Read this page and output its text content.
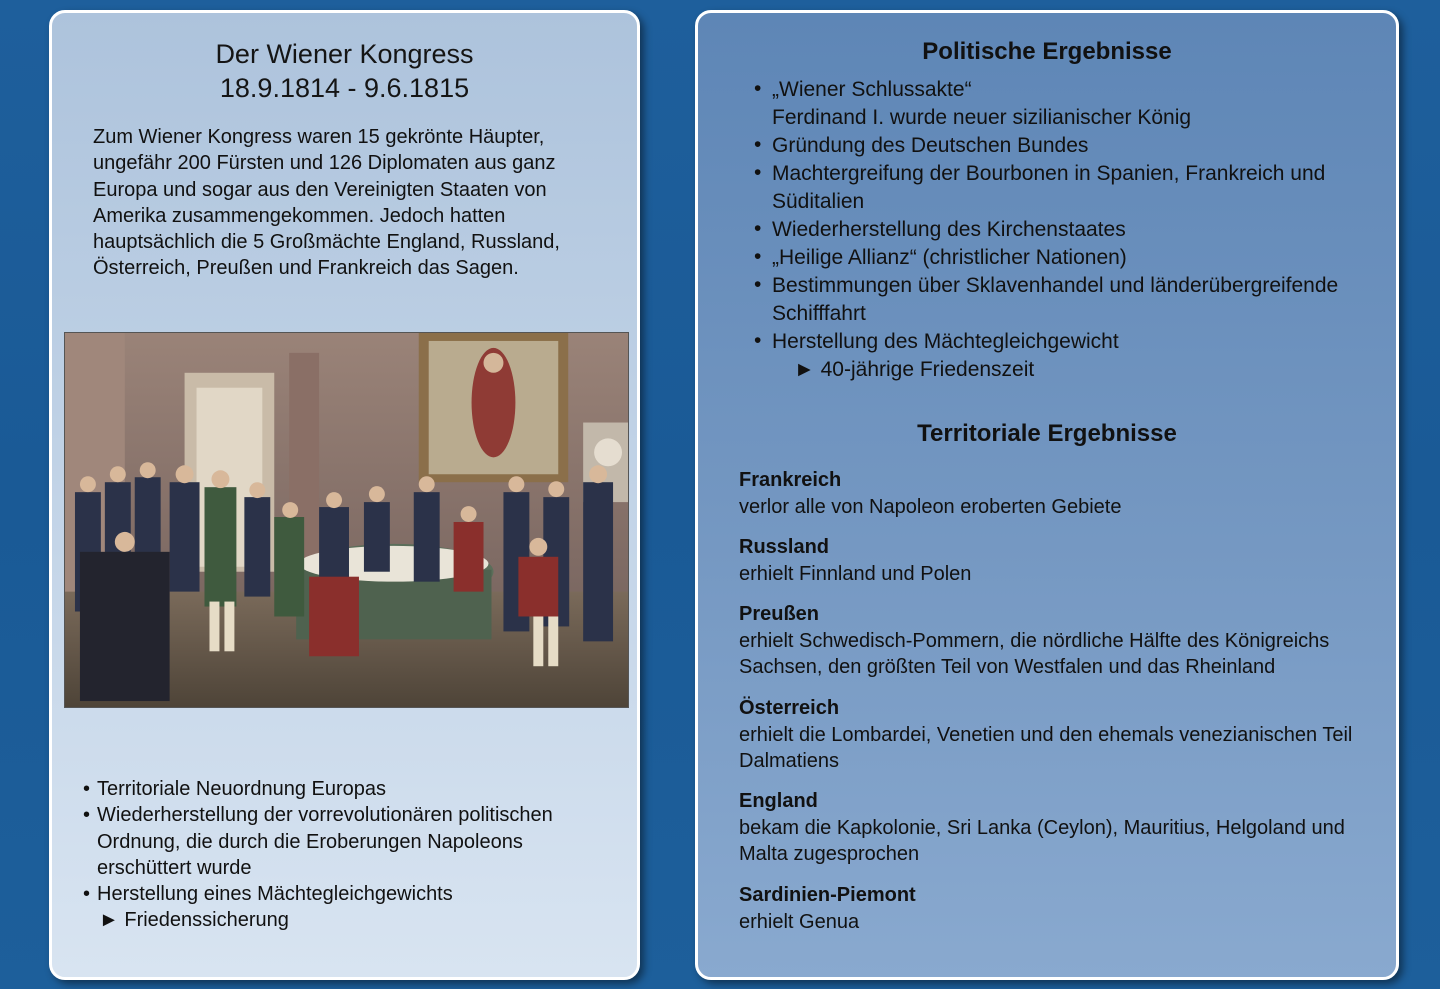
Der Wiener Kongress
18.9.1814 - 9.6.1815

Zum Wiener Kongress waren 15 gekrönte Häupter, ungefähr 200 Fürsten und 126 Diplomaten aus ganz Europa und sogar aus den Vereinigten Staaten von Amerika zusammengekommen. Jedoch hatten hauptsächlich die 5 Großmächte England, Russland, Österreich, Preußen und Frankreich das Sagen.

• Territoriale Neuordnung Europas
• Wiederherstellung der vorrevolutionären politischen Ordnung, die durch die Eroberungen Napoleons erschüttert wurde
• Herstellung eines Mächtegleichgewichts
► Friedenssicherung
Politische Ergebnisse
• „Wiener Schlussakte“
Ferdinand I. wurde neuer sizilianischer König
• Gründung des Deutschen Bundes
• Machtergreifung der Bourbonen in Spanien, Frankreich und Süditalien
• Wiederherstellung des Kirchenstaates
• „Heilige Allianz“ (christlicher Nationen)
• Bestimmungen über Sklavenhandel und länderübergreifende Schifffahrt
• Herstellung des Mächtegleichgewicht
► 40-jährige Friedenszeit
Territoriale Ergebnisse
Frankreich
verlor alle von Napoleon eroberten Gebiete
Russland
erhielt Finnland und Polen
Preußen
erhielt Schwedisch-Pommern, die nördliche Hälfte des Königreichs Sachsen, den größten Teil von Westfalen und das Rheinland
Österreich
erhielt die Lombardei, Venetien und den ehemals venezianischen Teil Dalmatiens
England
bekam die Kapkolonie, Sri Lanka (Ceylon), Mauritius, Helgoland und Malta zugesprochen
Sardinien-Piemont
erhielt Genua
